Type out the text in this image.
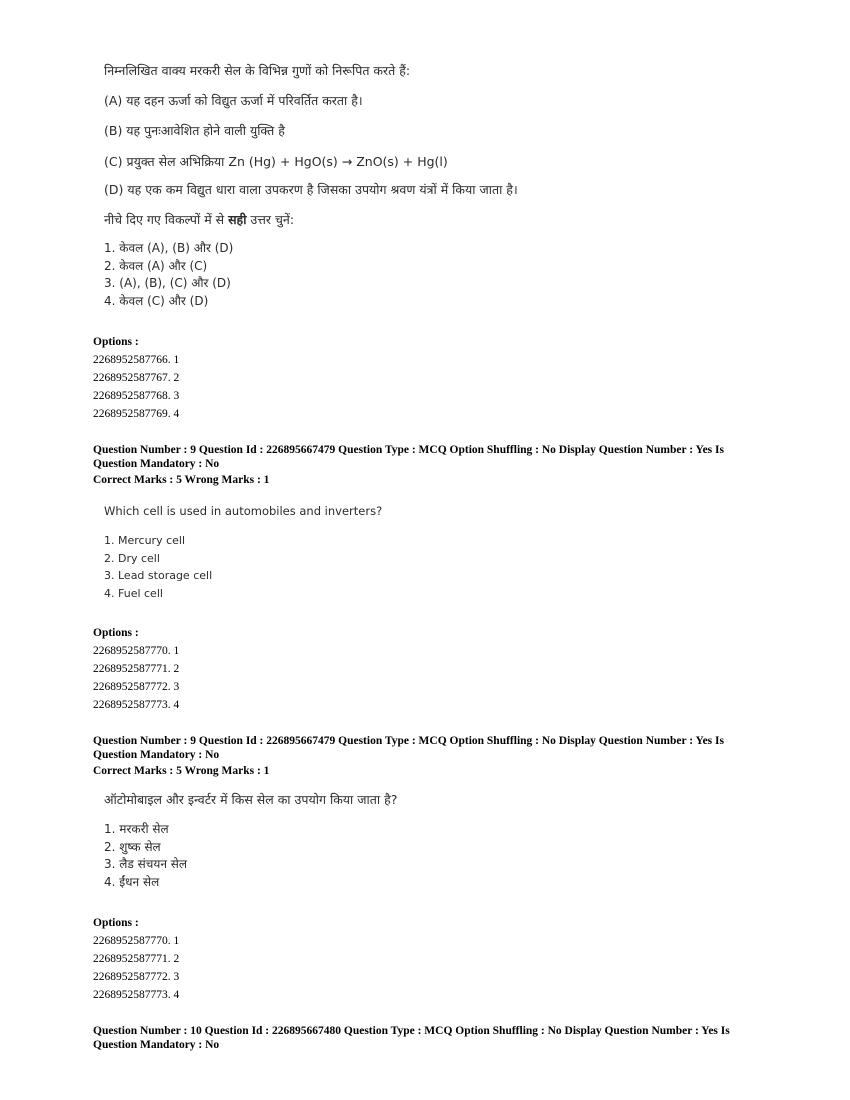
निम्नलिखित वाक्य मरकरी सेल के विभिन्न गुणों को निरूपित करते हैं:
(A) यह दहन ऊर्जा को विद्युत ऊर्जा में परिवर्तित करता है।
(B) यह पुनःआवेशित होने वाली युक्ति है
(C) प्रयुक्त सेल अभिक्रिया Zn (Hg) + HgO(s) → ZnO(s) + Hg(l)
(D) यह एक कम विद्युत धारा वाला उपकरण है जिसका उपयोग श्रवण यंत्रों में किया जाता है।
नीचे दिए गए विकल्पों में से सही उत्तर चुनें:
1. केवल (A), (B) और (D)
2. केवल (A) और (C)
3. (A), (B), (C) और (D)
4. केवल (C) और (D)
Options :
2268952587766. 1
2268952587767. 2
2268952587768. 3
2268952587769. 4
Question Number : 9 Question Id : 226895667479 Question Type : MCQ Option Shuffling : No Display Question Number : Yes Is
Question Mandatory : No
Correct Marks : 5 Wrong Marks : 1
Which cell is used in automobiles and inverters?
1. Mercury cell
2. Dry cell
3. Lead storage cell
4. Fuel cell
Options :
2268952587770. 1
2268952587771. 2
2268952587772. 3
2268952587773. 4
Question Number : 9 Question Id : 226895667479 Question Type : MCQ Option Shuffling : No Display Question Number : Yes Is
Question Mandatory : No
Correct Marks : 5 Wrong Marks : 1
ऑटोमोबाइल और इन्वर्टर में किस सेल का उपयोग किया जाता है?
1. मरकरी सेल
2. शुष्क सेल
3. लैड संचयन सेल
4. ईंधन सेल
Options :
2268952587770. 1
2268952587771. 2
2268952587772. 3
2268952587773. 4
Question Number : 10 Question Id : 226895667480 Question Type : MCQ Option Shuffling : No Display Question Number : Yes Is
Question Mandatory : No
